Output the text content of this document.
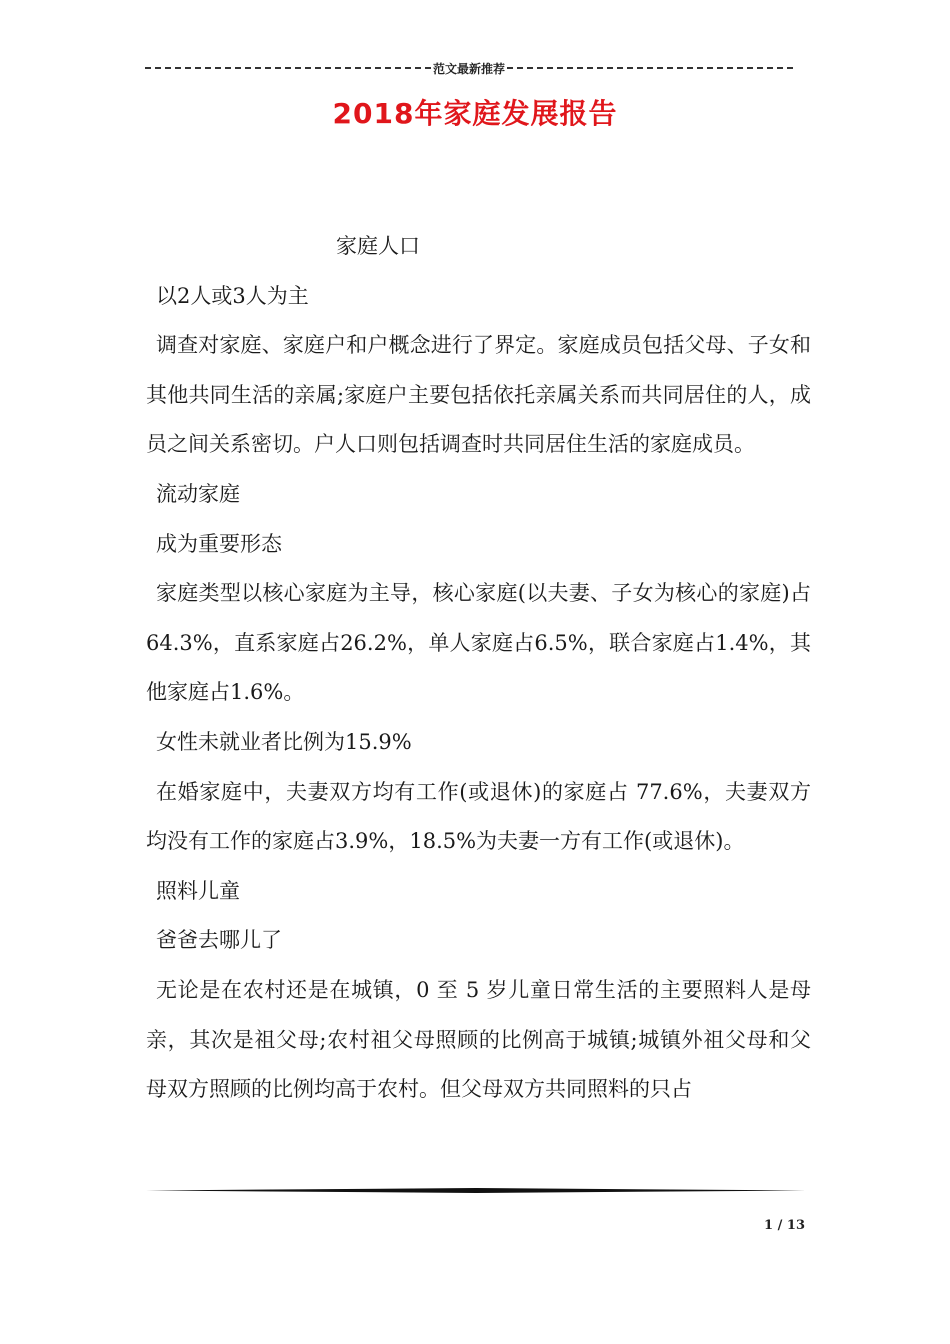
范文最新推荐
2018年家庭发展报告

家庭人口

以2人或3人为主

调查对家庭、家庭户和户概念进行了界定。家庭成员包括父母、子女和其他共同生活的亲属;家庭户主要包括依托亲属关系而共同居住的人，成员之间关系密切。户人口则包括调查时共同居住生活的家庭成员。

流动家庭

成为重要形态

家庭类型以核心家庭为主导，核心家庭(以夫妻、子女为核心的家庭)占64.3%，直系家庭占26.2%，单人家庭占6.5%，联合家庭占1.4%，其他家庭占1.6%。

女性未就业者比例为15.9%

在婚家庭中，夫妻双方均有工作(或退休)的家庭占 77.6%，夫妻双方均没有工作的家庭占3.9%，18.5%为夫妻一方有工作(或退休)。

照料儿童

爸爸去哪儿了

无论是在农村还是在城镇，0 至 5 岁儿童日常生活的主要照料人是母亲，其次是祖父母;农村祖父母照顾的比例高于城镇;城镇外祖父母和父母双方照顾的比例均高于农村。但父母双方共同照料的只占

1 / 13
